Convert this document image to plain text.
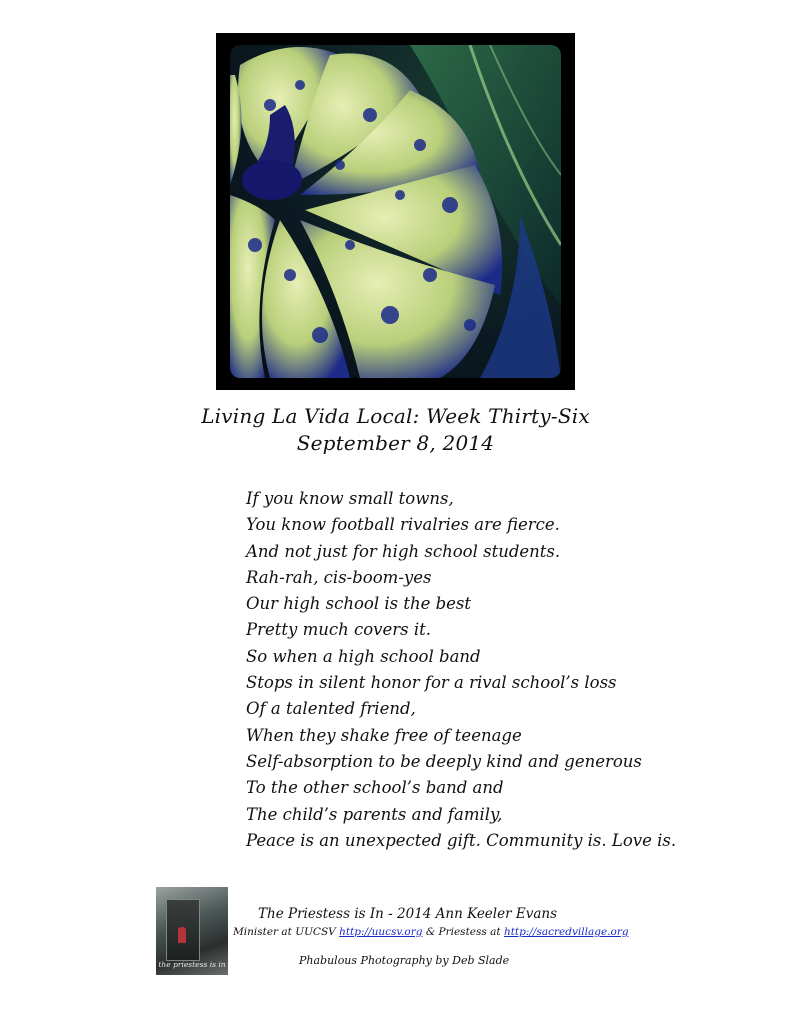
Living La Vida Local: Week Thirty-Six
September 8, 2014
If you know small towns,
You know football rivalries are fierce.
And not just for high school students.
Rah-rah, cis-boom-yes
Our high school is the best
Pretty much covers it.
So when a high school band
Stops in silent honor for a rival school’s loss
Of a talented friend,
When they shake free of teenage
Self-absorption to be deeply kind and generous
To the other school’s band and
The child’s parents and family,
Peace is an unexpected gift. Community is. Love is.
the priestess is in
The Priestess is In - 2014 Ann Keeler Evans
Minister at UUCSV http://uucsv.org & Priestess at http://sacredvillage.org
Phabulous Photography by Deb Slade
